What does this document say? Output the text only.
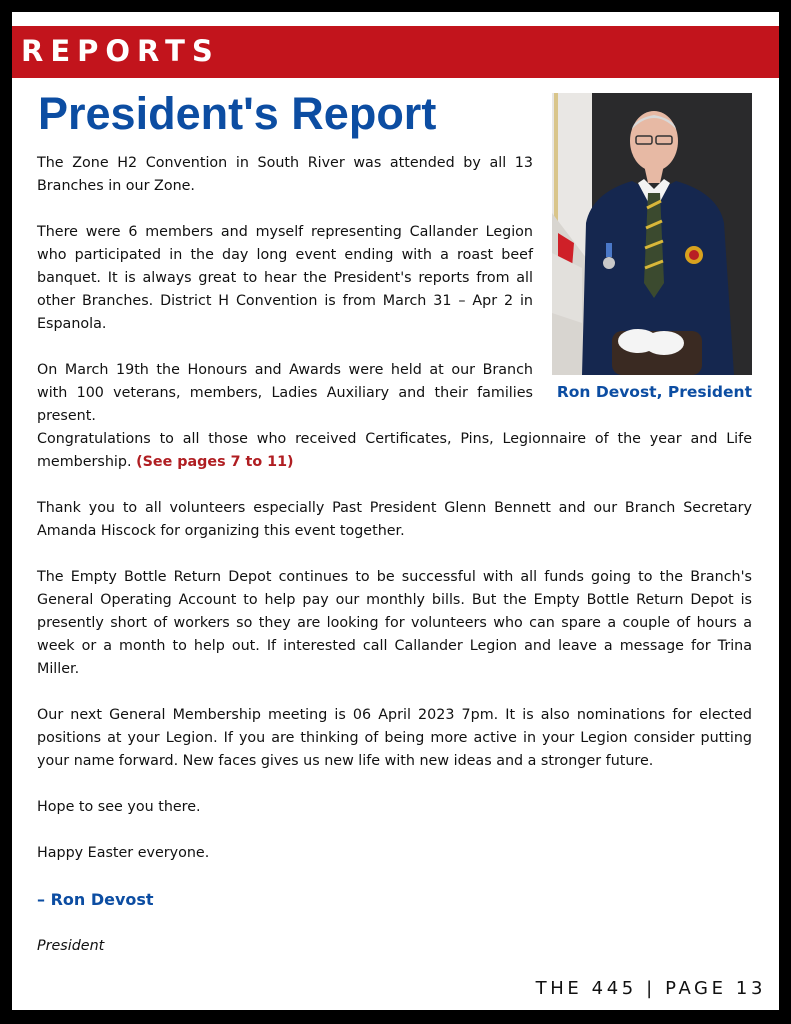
REPORTS
President's Report
Ron Devost, President

The Zone H2 Convention in South River was attended by all 13 Branches in our Zone.

There were 6 members and myself representing Callander Legion who participated in the day long event ending with a roast beef banquet. It is always great to hear the President's reports from all other Branches. District H Convention is from March 31 – Apr 2 in Espanola.

On March 19th the Honours and Awards were held at our Branch with 100 veterans, members, Ladies Auxiliary and their families present.

Congratulations to all those who received Certificates, Pins, Legionnaire of the year and Life membership. (See pages 7 to 11)

Thank you to all volunteers especially Past President Glenn Bennett and our Branch Secretary Amanda Hiscock for organizing this event together.

The Empty Bottle Return Depot continues to be successful with all funds going to the Branch's General Operating Account to help pay our monthly bills. But the Empty Bottle Return Depot is presently short of workers so they are looking for volunteers who can spare a couple of hours a week or a month to help out. If interested call Callander Legion and leave a message for Trina Miller.

Our next General Membership meeting is 06 April 2023 7pm. It is also nominations for elected positions at your Legion. If you are thinking of being more active in your Legion consider putting your name forward. New faces gives us new life with new ideas and a stronger future.

Hope to see you there.

Happy Easter everyone.

– Ron Devost

President

THE 445 | PAGE 13
